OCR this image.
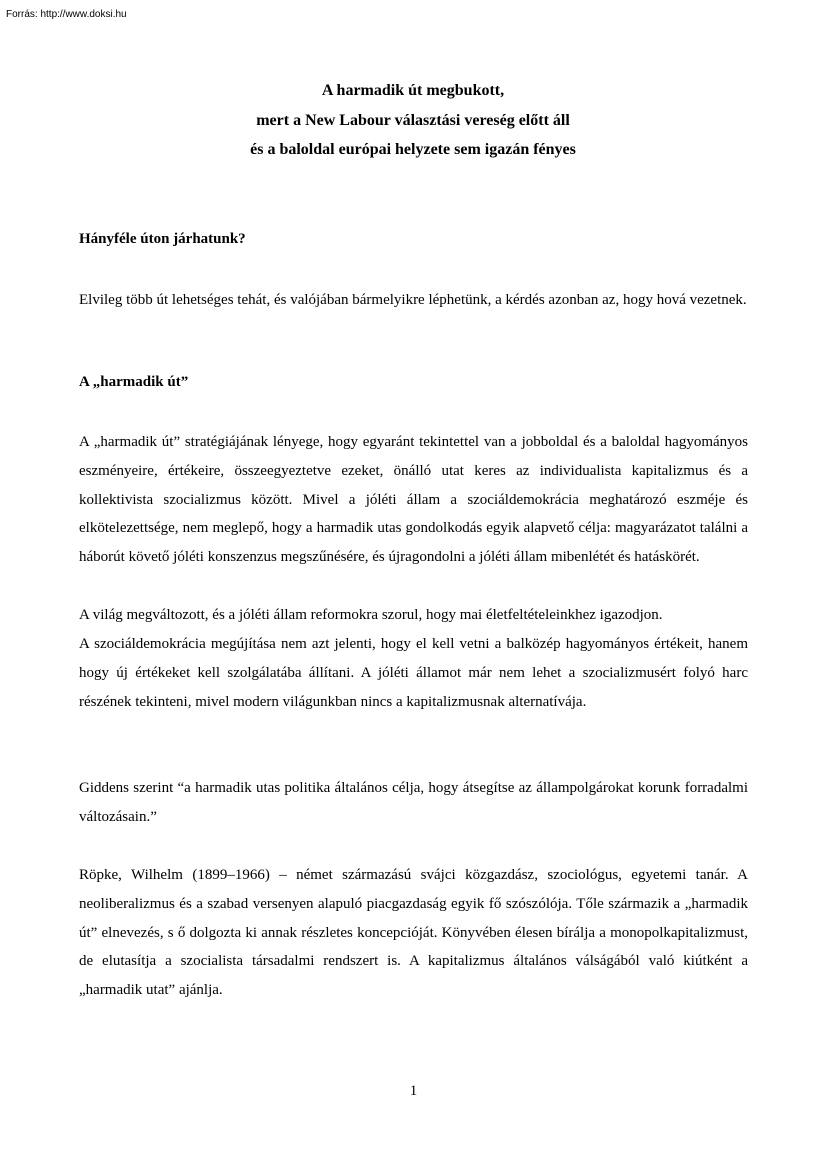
Forrás: http://www.doksi.hu
A harmadik út megbukott,
mert a New Labour választási vereség előtt áll
és a baloldal európai helyzete sem igazán fényes
Hányféle úton járhatunk?

Elvileg több út lehetséges tehát, és valójában bármelyikre léphetünk, a kérdés azonban az, hogy hová vezetnek.

A „harmadik út”

A „harmadik út” stratégiájának lényege, hogy egyaránt tekintettel van a jobboldal és a baloldal hagyományos eszményeire, értékeire, összeegyeztetve ezeket, önálló utat keres az individualista kapitalizmus és a kollektivista szocializmus között. Mivel a jóléti állam a szociáldemokrácia meghatározó eszméje és elkötelezettsége, nem meglepő, hogy a harmadik utas gondolkodás egyik alapvető célja: magyarázatot találni a háborút követő jóléti konszenzus megszűnésére, és újragondolni a jóléti állam mibenlétét és hatáskörét.

A világ megváltozott, és a jóléti állam reformokra szorul, hogy mai életfeltételeinkhez igazodjon.

A szociáldemokrácia megújítása nem azt jelenti, hogy el kell vetni a balközép hagyományos értékeit, hanem hogy új értékeket kell szolgálatába állítani. A jóléti államot már nem lehet a szocializmusért folyó harc részének tekinteni, mivel modern világunkban nincs a kapitalizmusnak alternatívája.

Giddens szerint “a harmadik utas politika általános célja, hogy átsegítse az állampolgárokat korunk forradalmi változásain.”

Röpke, Wilhelm (1899–1966) – német származású svájci közgazdász, szociológus, egyetemi tanár. A neoliberalizmus és a szabad versenyen alapuló piacgazdaság egyik fő szószólója. Tőle származik a „harmadik út” elnevezés, s ő dolgozta ki annak részletes koncepcióját. Könyvében élesen bírálja a monopolkapitalizmust, de elutasítja a szocialista társadalmi rendszert is. A kapitalizmus általános válságából való kiútként a „harmadik utat” ajánlja.

1
